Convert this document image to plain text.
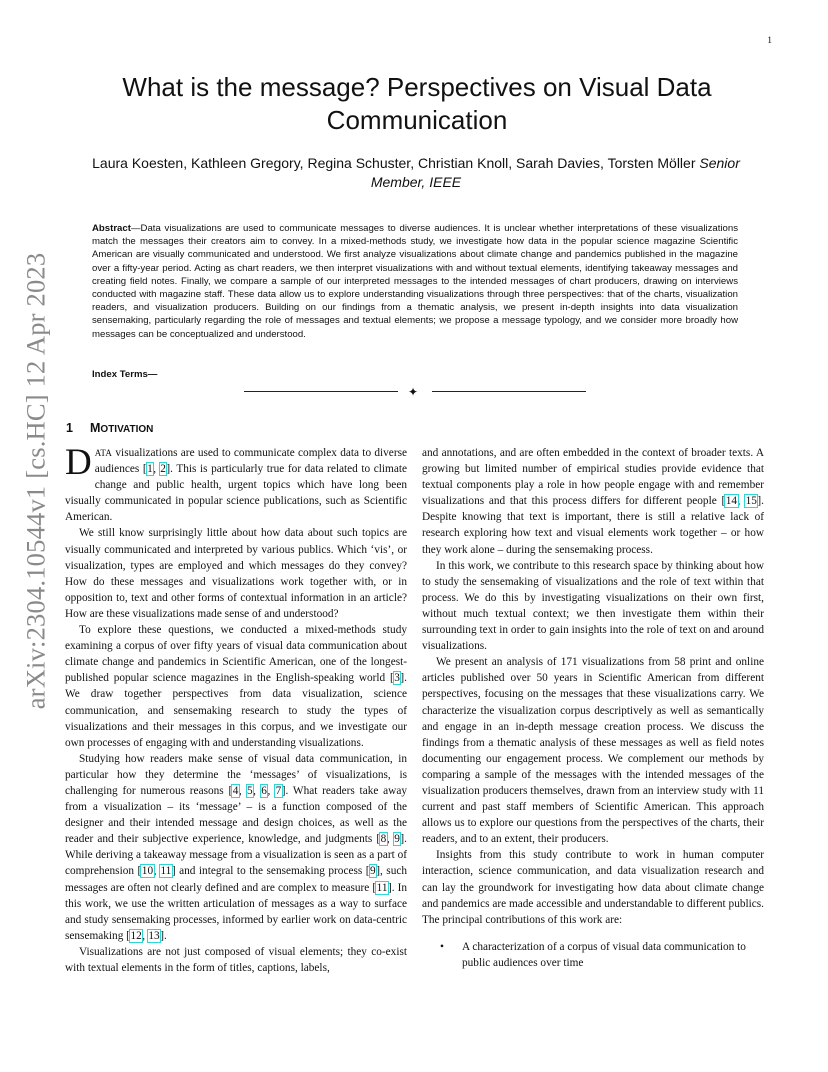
1
arXiv:2304.10544v1 [cs.HC] 12 Apr 2023
What is the message? Perspectives on Visual Data Communication
Laura Koesten, Kathleen Gregory, Regina Schuster, Christian Knoll, Sarah Davies, Torsten Möller Senior Member, IEEE

Abstract—Data visualizations are used to communicate messages to diverse audiences. It is unclear whether interpretations of these visualizations match the messages their creators aim to convey. In a mixed-methods study, we investigate how data in the popular science magazine Scientific American are visually communicated and understood. We first analyze visualizations about climate change and pandemics published in the magazine over a fifty-year period. Acting as chart readers, we then interpret visualizations with and without textual elements, identifying takeaway messages and creating field notes. Finally, we compare a sample of our interpreted messages to the intended messages of chart producers, drawing on interviews conducted with magazine staff. These data allow us to explore understanding visualizations through three perspectives: that of the charts, visualization readers, and visualization producers. Building on our findings from a thematic analysis, we present in-depth insights into data visualization sensemaking, particularly regarding the role of messages and textual elements; we propose a message typology, and we consider more broadly how messages can be conceptualized and understood.

Index Terms—
✦
1 MOTIVATION

DATA visualizations are used to communicate complex data to diverse audiences [1, 2]. This is particularly true for data related to climate change and public health, urgent topics which have long been visually communicated in popular science publications, such as Scientific American.

We still know surprisingly little about how data about such topics are visually communicated and interpreted by various publics. Which ‘vis’, or visualization, types are employed and which messages do they convey? How do these messages and visualizations work together with, or in opposition to, text and other forms of contextual information in an article? How are these visualizations made sense of and understood?

To explore these questions, we conducted a mixed-methods study examining a corpus of over fifty years of visual data communication about climate change and pandemics in Scientific American, one of the longest-published popular science magazines in the English-speaking world [3]. We draw together perspectives from data visualization, science communication, and sensemaking research to study the types of visualizations and their messages in this corpus, and we investigate our own processes of engaging with and understanding visualizations.

Studying how readers make sense of visual data communication, in particular how they determine the ‘messages’ of visualizations, is challenging for numerous reasons [4, 5, 6, 7]. What readers take away from a visualization – its ‘message’ – is a function composed of the designer and their intended message and design choices, as well as the reader and their subjective experience, knowledge, and judgments [8, 9]. While deriving a takeaway message from a visualization is seen as a part of comprehension [10, 11] and integral to the sensemaking process [9], such messages are often not clearly defined and are complex to measure [11]. In this work, we use the written articulation of messages as a way to surface and study sensemaking processes, informed by earlier work on data-centric sensemaking [12, 13].

Visualizations are not just composed of visual elements; they co-exist with textual elements in the form of titles, captions, labels,

and annotations, and are often embedded in the context of broader texts. A growing but limited number of empirical studies provide evidence that textual components play a role in how people engage with and remember visualizations and that this process differs for different people [14, 15]. Despite knowing that text is important, there is still a relative lack of research exploring how text and visual elements work together – or how they work alone – during the sensemaking process.

In this work, we contribute to this research space by thinking about how to study the sensemaking of visualizations and the role of text within that process. We do this by investigating visualizations on their own first, without much textual context; we then investigate them within their surrounding text in order to gain insights into the role of text on and around visualizations.

We present an analysis of 171 visualizations from 58 print and online articles published over 50 years in Scientific American from different perspectives, focusing on the messages that these visualizations carry. We characterize the visualization corpus descriptively as well as semantically and engage in an in-depth message creation process. We discuss the findings from a thematic analysis of these messages as well as field notes documenting our engagement process. We complement our methods by comparing a sample of the messages with the intended messages of the visualization producers themselves, drawn from an interview study with 11 current and past staff members of Scientific American. This approach allows us to explore our questions from the perspectives of the charts, their readers, and to an extent, their producers.

Insights from this study contribute to work in human computer interaction, science communication, and data visualization research and can lay the groundwork for investigating how data about climate change and pandemics are made accessible and understandable to different publics. The principal contributions of this work are:

• A characterization of a corpus of visual data communication to public audiences over time
